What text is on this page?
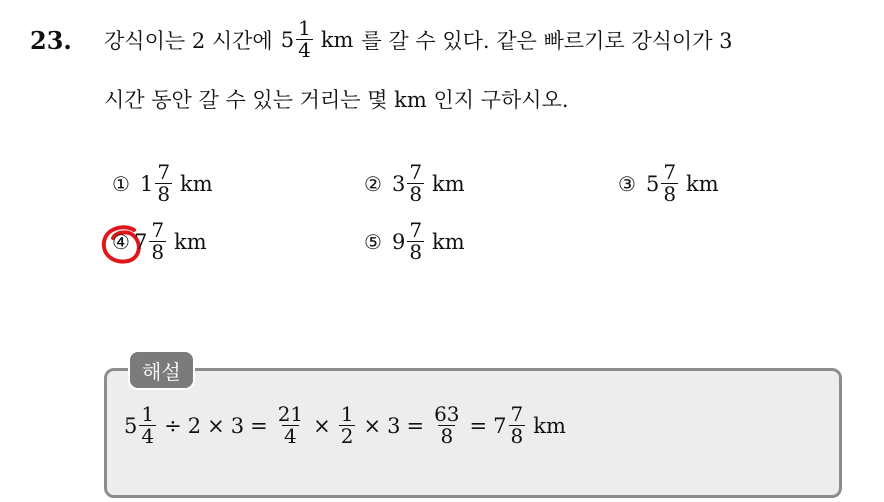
23. 강식이는 2 시간에 $5 \frac{1}{4}$ km 를 갈 수 있다. 같은 빠르기로 강식이가 3
시간 동안 갈 수 있는 거리는 몇 km 인지 구하시오.
① $1 \frac{7}{8}$ km	② $3 \frac{7}{8}$ km	③ $5 \frac{7}{8}$ km
④ $7 \frac{7}{8}$ km	⑤ $9 \frac{7}{8}$ km
해설
$5 \frac{1}{4} \div 2 \times 3 = \frac{21}{4} \times \frac{1}{2} \times 3 = \frac{63}{8} = 7 \frac{7}{8}$ km
